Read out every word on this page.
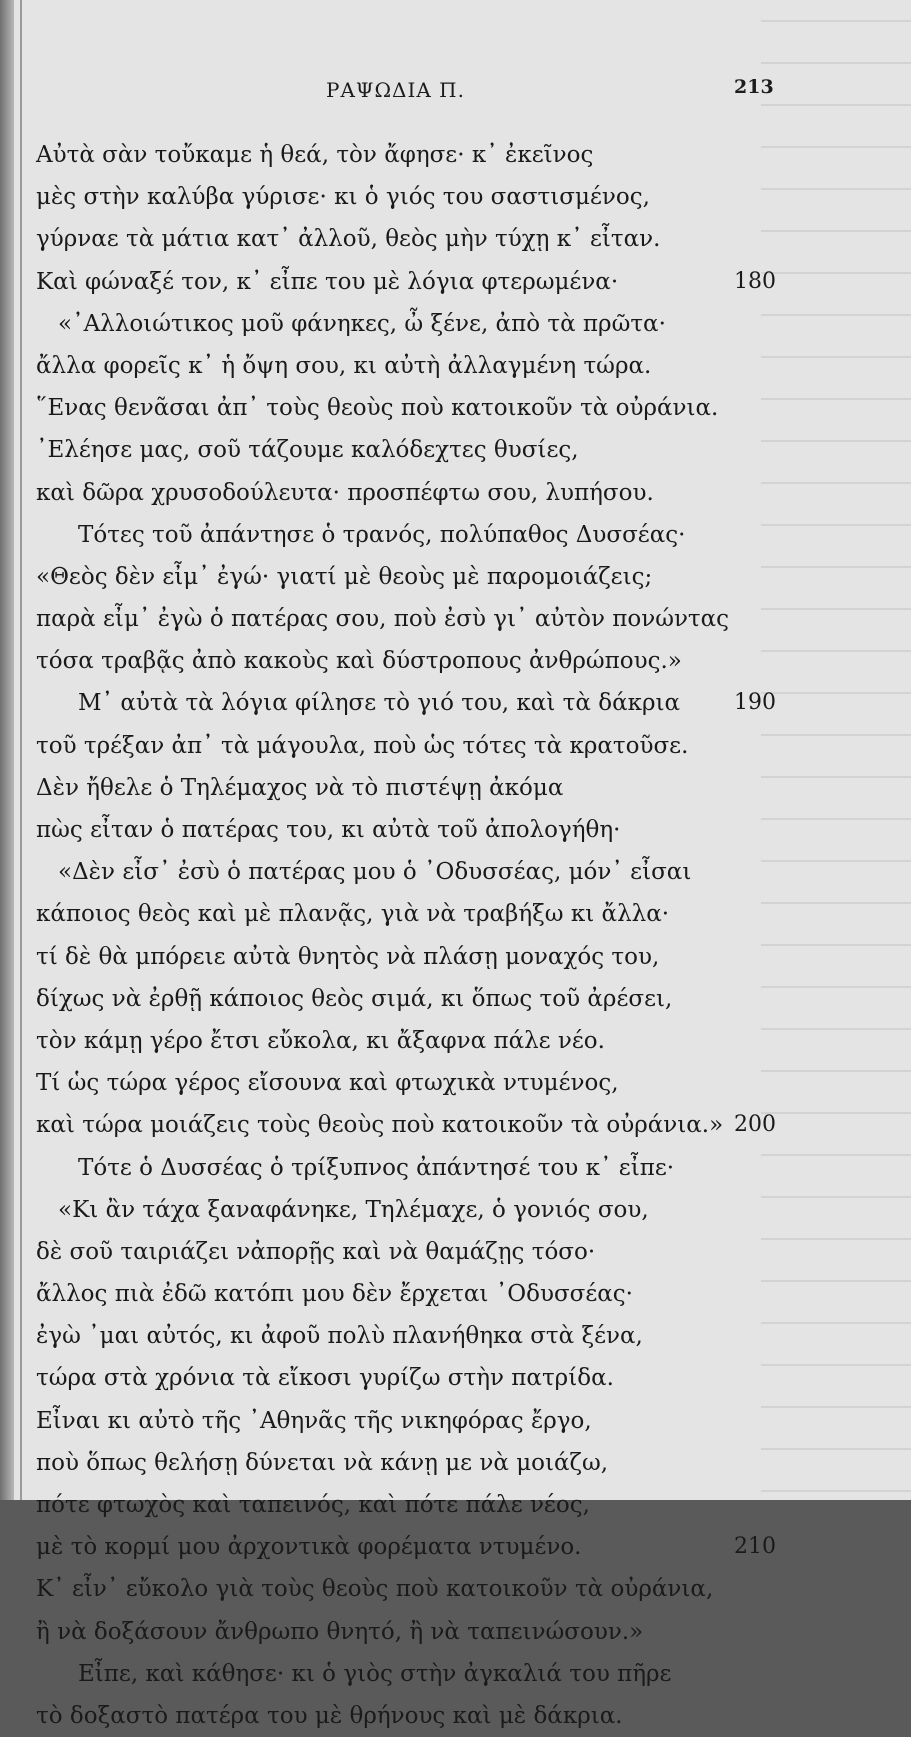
ΡΑΨΩΔΙΑ Π.	213
Αὐτὰ σὰν τοὔκαμε ἡ θεά, τὸν ἄφησε· κ᾽ ἐκεῖνος
μὲς στὴν καλύβα γύρισε· κι ὁ γιός του σαστισμένος,
γύρναε τὰ μάτια κατ᾽ ἀλλοῦ, θεὸς μὴν τύχῃ κ᾽ εἶταν.
Καὶ φώναξέ τον, κ᾽ εἶπε του μὲ λόγια φτερωμένα·	180
«᾽Αλλοιώτικος μοῦ φάνηκες, ὦ ξένε, ἀπὸ τὰ πρῶτα·
ἄλλα φορεῖς κ᾽ ἡ ὄψη σου, κι αὐτὴ ἀλλαγμένη τώρα.
῞Ενας θενᾶσαι ἀπ᾽ τοὺς θεοὺς ποὺ κατοικοῦν τὰ οὐράνια.
᾽Ελέησε μας, σοῦ τάζουμε καλόδεχτες θυσίες,
καὶ δῶρα χρυσοδούλευτα· προσπέφτω σου, λυπήσου.
Τότες τοῦ ἀπάντησε ὁ τρανός, πολύπαθος Δυσσέας·
«Θεὸς δὲν εἶμ᾽ ἐγώ· γιατί μὲ θεοὺς μὲ παρομοιάζεις;
παρὰ εἶμ᾽ ἐγὼ ὁ πατέρας σου, ποὺ ἐσὺ γι᾽ αὐτὸν πονώντας
τόσα τραβᾷς ἀπὸ κακοὺς καὶ δύστροπους ἀνθρώπους.»
Μ᾽ αὐτὰ τὰ λόγια φίλησε τὸ γιό του, καὶ τὰ δάκρια 190
τοῦ τρέξαν ἀπ᾽ τὰ μάγουλα, ποὺ ὡς τότες τὰ κρατοῦσε.
Δὲν ἤθελε ὁ Τηλέμαχος νὰ τὸ πιστέψῃ ἀκόμα
πὼς εἶταν ὁ πατέρας του, κι αὐτὰ τοῦ ἀπολογήθη·
«Δὲν εἶσ᾽ ἐσὺ ὁ πατέρας μου ὁ ᾽Οδυσσέας, μόν᾽ εἶσαι
κάποιος θεὸς καὶ μὲ πλανᾷς, γιὰ νὰ τραβήξω κι ἄλλα·
τί δὲ θὰ μπόρειε αὐτὰ θνητὸς νὰ πλάσῃ μοναχός του,
δίχως νὰ ἐρθῇ κάποιος θεὸς σιμά, κι ὅπως τοῦ ἀρέσει,
τὸν κάμῃ γέρο ἔτσι εὔκολα, κι ἄξαφνα πάλε νέο.
Τί ὡς τώρα γέρος εἴσουνα καὶ φτωχικὰ ντυμένος,
καὶ τώρα μοιάζεις τοὺς θεοὺς ποὺ κατοικοῦν τὰ οὐράνια.» 200
Τότε ὁ Δυσσέας ὁ τρίξυπνος ἀπάντησέ του κ᾽ εἶπε·
«Κι ἂν τάχα ξαναφάνηκε, Τηλέμαχε, ὁ γονιός σου,
δὲ σοῦ ταιριάζει νἀπορῇς καὶ νὰ θαμάζῃς τόσο·
ἄλλος πιὰ ἐδῶ κατόπι μου δὲν ἔρχεται ᾽Οδυσσέας·
ἐγὼ ᾽μαι αὐτός, κι ἀφοῦ πολὺ πλανήθηκα στὰ ξένα,
τώρα στὰ χρόνια τὰ εἴκοσι γυρίζω στὴν πατρίδα.
Εἶναι κι αὐτὸ τῆς ᾽Αθηνᾶς τῆς νικηφόρας ἔργο,
ποὺ ὅπως θελήσῃ δύνεται νὰ κάνῃ με νὰ μοιάζω,
πότε φτωχὸς καὶ ταπεινός, καὶ πότε πάλε νέος,
μὲ τὸ κορμί μου ἀρχοντικὰ φορέματα ντυμένο.	210
Κ᾽ εἶν᾽ εὔκολο γιὰ τοὺς θεοὺς ποὺ κατοικοῦν τὰ οὐράνια,
ἢ νὰ δοξάσουν ἄνθρωπο θνητό, ἢ νὰ ταπεινώσουν.»
Εἶπε, καὶ κάθησε· κι ὁ γιὸς στὴν ἀγκαλιά του πῆρε
τὸ δοξαστὸ πατέρα του μὲ θρήνους καὶ μὲ δάκρια.
